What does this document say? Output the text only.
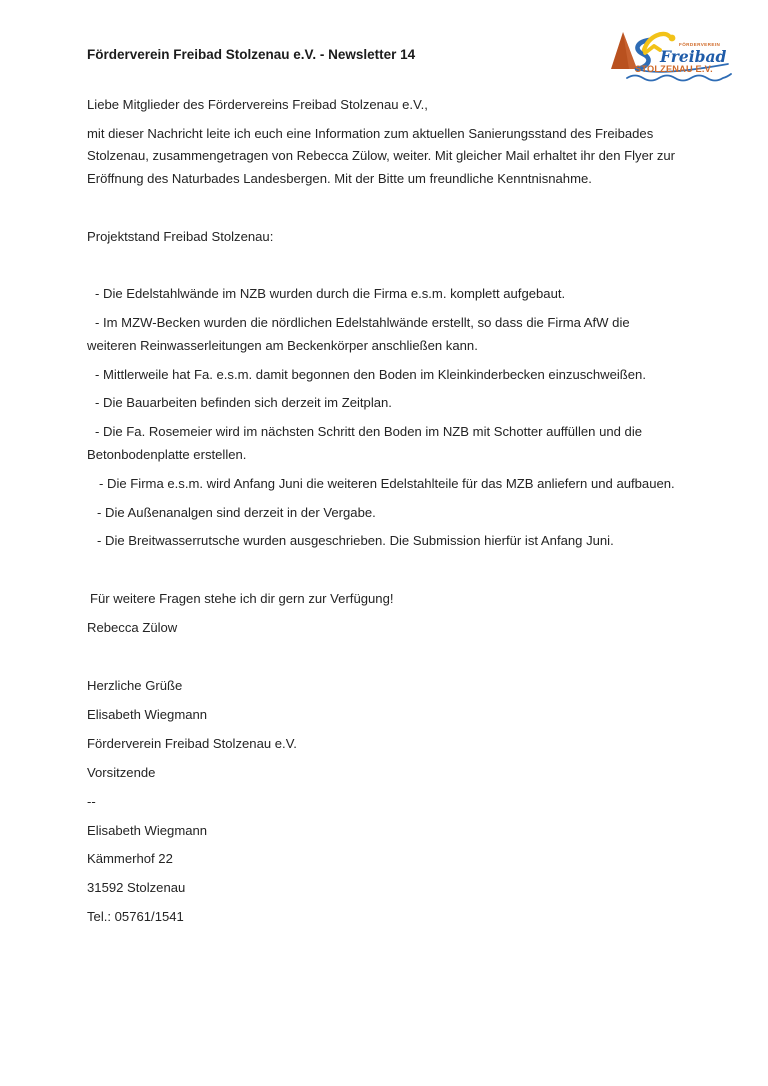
FÖRDERVEREIN
Freibad
STOLZENAU E.V.
Förderverein Freibad Stolzenau e.V. - Newsletter 14

Liebe Mitglieder des Fördervereins Freibad Stolzenau e.V.,

mit dieser Nachricht leite ich euch eine Information zum aktuellen Sanierungsstand des Freibades Stolzenau, zusammengetragen von Rebecca Zülow, weiter. Mit gleicher Mail erhaltet ihr den Flyer zur Eröffnung des Naturbades Landesbergen. Mit der Bitte um freundliche Kenntnisnahme.

Projektstand Freibad Stolzenau:

- Die Edelstahlwände im NZB wurden durch die Firma e.s.m. komplett aufgebaut.

- Im MZW-Becken wurden die nördlichen Edelstahlwände erstellt, so dass die Firma AfW die weiteren Reinwasserleitungen am Beckenkörper anschließen kann.

- Mittlerweile hat Fa. e.s.m. damit begonnen den Boden im Kleinkinderbecken einzuschweißen.

- Die Bauarbeiten befinden sich derzeit im Zeitplan.

- Die Fa. Rosemeier wird im nächsten Schritt den Boden im NZB mit Schotter auffüllen und die Betonbodenplatte erstellen.

- Die Firma e.s.m. wird Anfang Juni die weiteren Edelstahlteile für das MZB anliefern und aufbauen.

- Die Außenanalgen sind derzeit in der Vergabe.

- Die Breitwasserrutsche wurden ausgeschrieben. Die Submission hierfür ist Anfang Juni.

Für weitere Fragen stehe ich dir gern zur Verfügung!

Rebecca Zülow

Herzliche Grüße

Elisabeth Wiegmann

Förderverein Freibad Stolzenau e.V.

Vorsitzende

--

Elisabeth Wiegmann

Kämmerhof 22

31592 Stolzenau

Tel.: 05761/1541
